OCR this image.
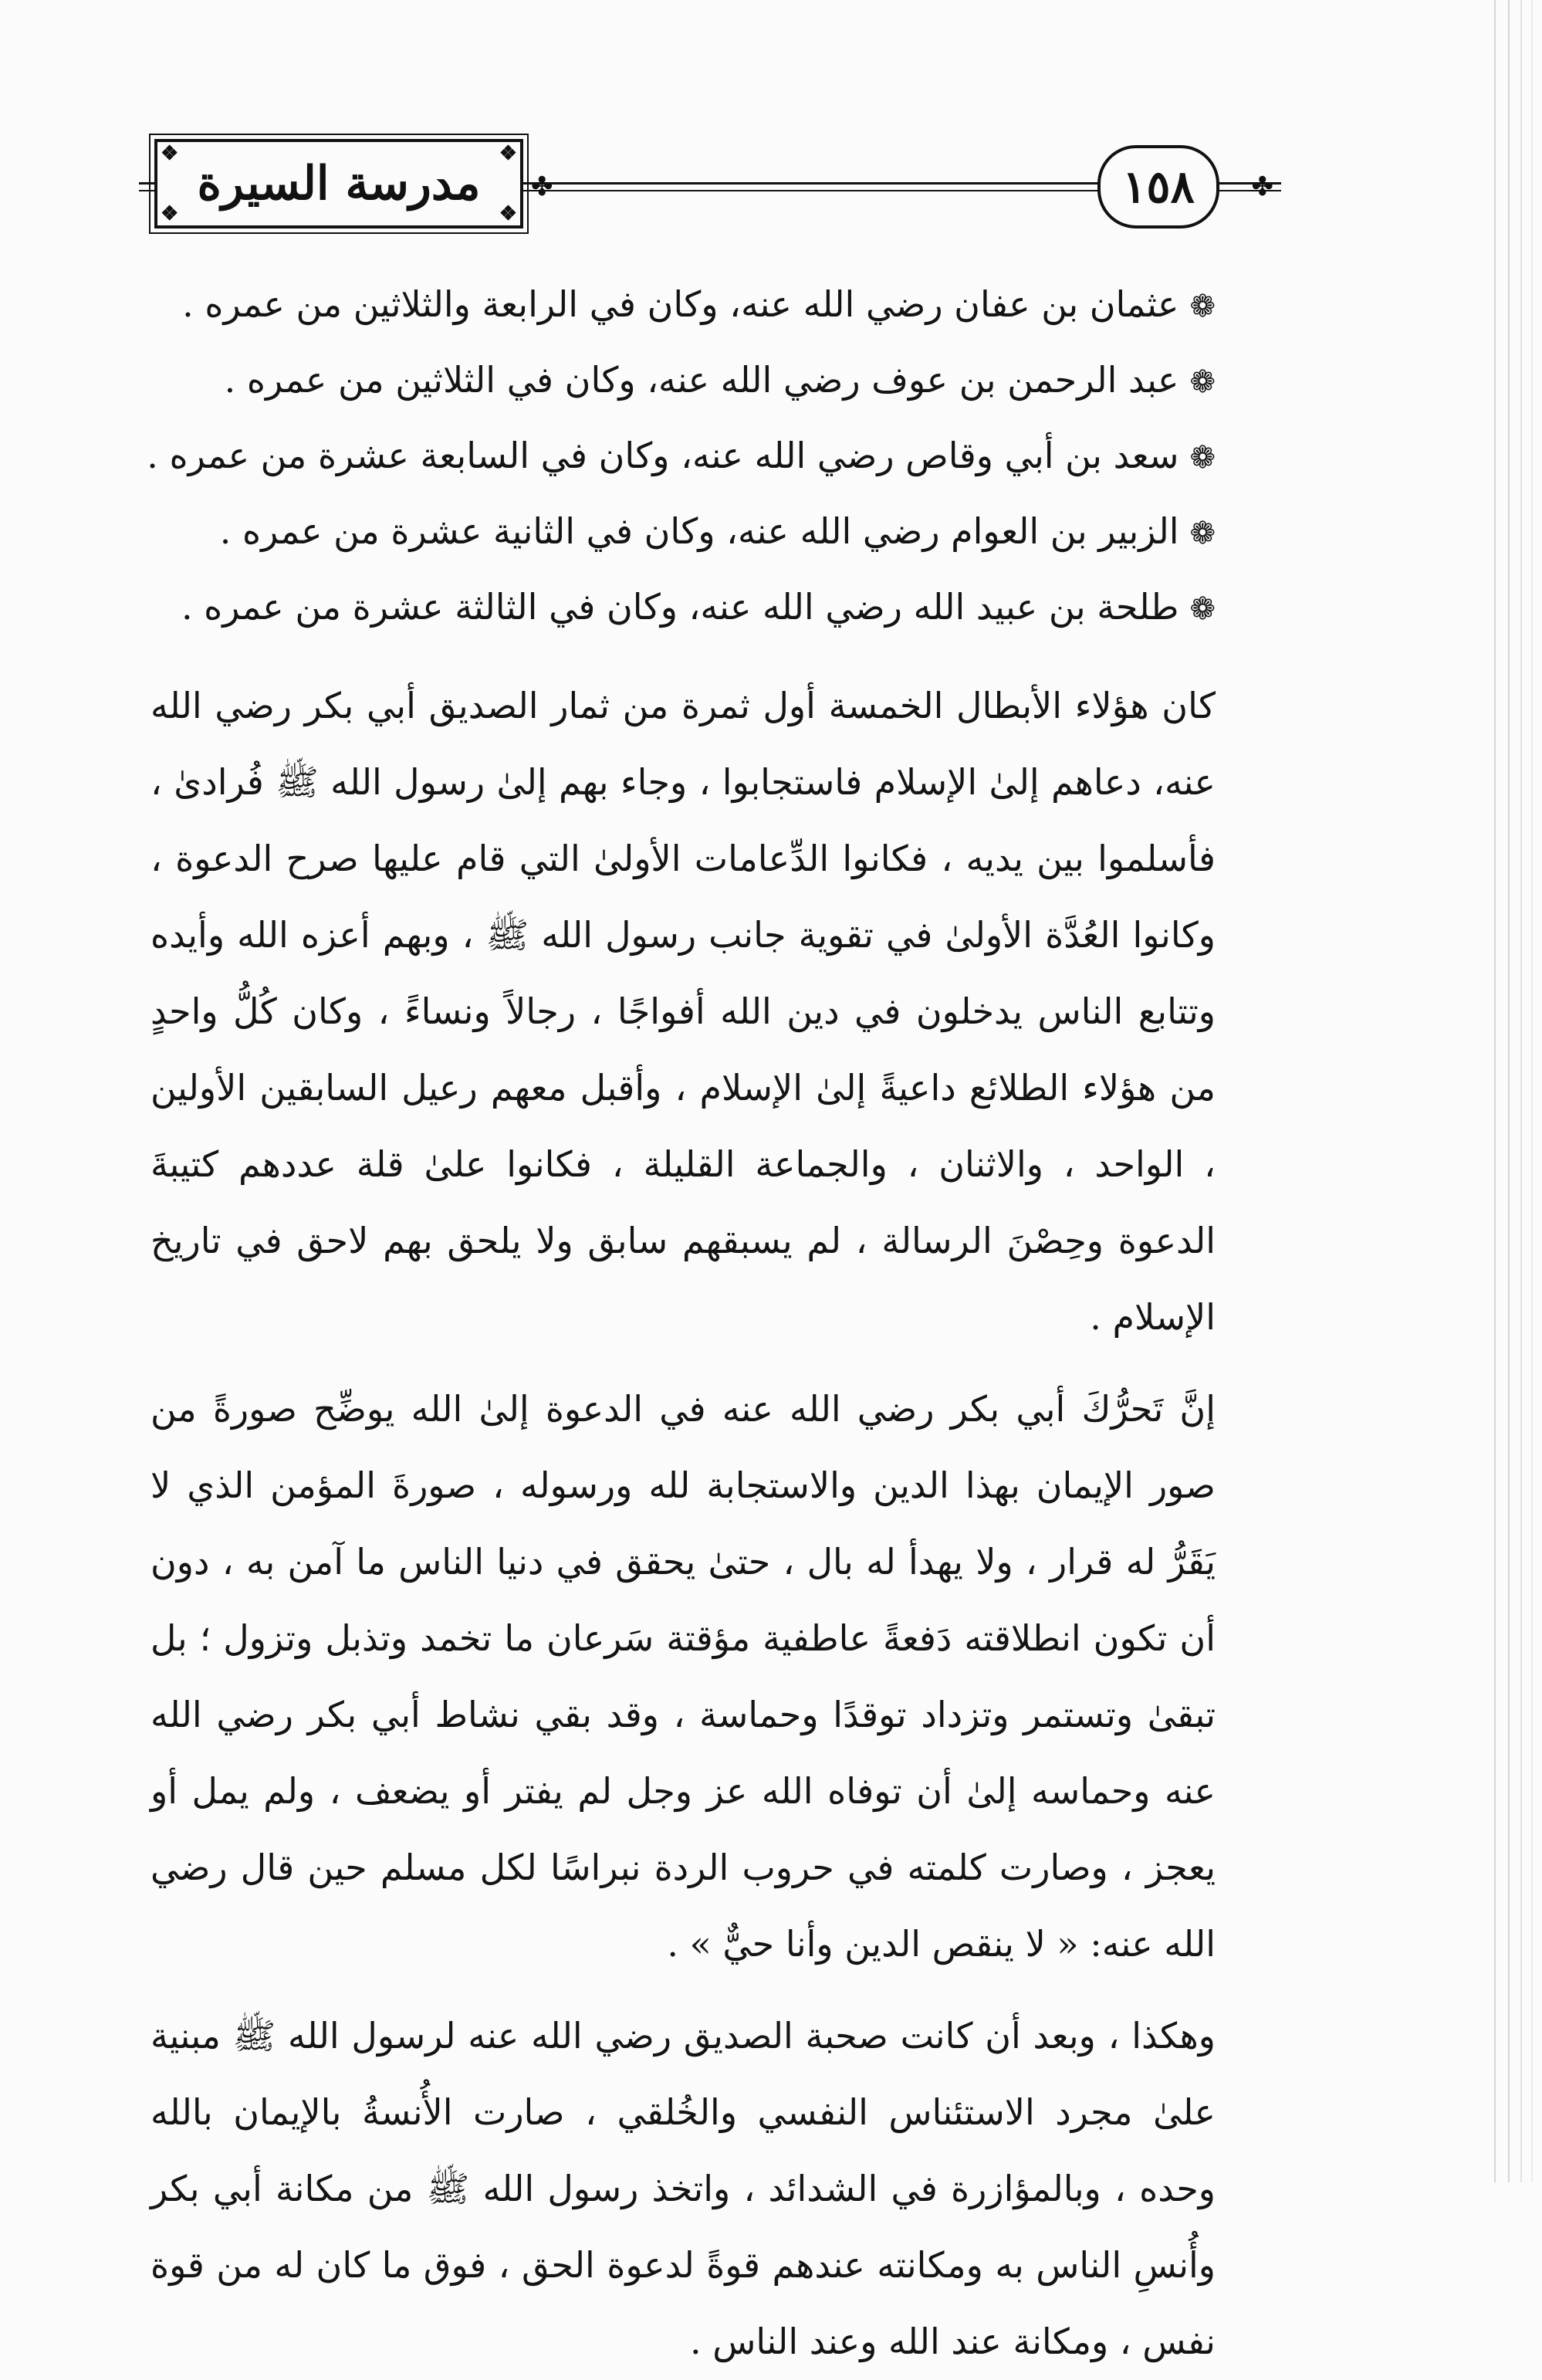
✤
✤
❖	❖
❖	❖
مدرسة السيرة	١٥٨
❁عثمان بن عفان رضي الله عنه، وكان في الرابعة والثلاثين من عمره .
❁عبد الرحمن بن عوف رضي الله عنه، وكان في الثلاثين من عمره .
❁سعد بن أبي وقاص رضي الله عنه، وكان في السابعة عشرة من عمره .
❁الزبير بن العوام رضي الله عنه، وكان في الثانية عشرة من عمره .
❁طلحة بن عبيد الله رضي الله عنه، وكان في الثالثة عشرة من عمره .

كان هؤلاء الأبطال الخمسة أول ثمرة من ثمار الصديق أبي بكر رضي الله عنه، دعاهم إلىٰ الإسلام فاستجابوا ، وجاء بهم إلىٰ رسول الله ﷺ فُرادىٰ ، فأسلموا بين يديه ، فكانوا الدِّعامات الأولىٰ التي قام عليها صرح الدعوة ، وكانوا العُدَّة الأولىٰ في تقوية جانب رسول الله ﷺ ، وبهم أعزه الله وأيده وتتابع الناس يدخلون في دين الله أفواجًا ، رجالاً ونساءً ، وكان كُلُّ واحدٍ من هؤلاء الطلائع داعيةً إلىٰ الإسلام ، وأقبل معهم رعيل السابقين الأولين ، الواحد ، والاثنان ، والجماعة القليلة ، فكانوا علىٰ قلة عددهم كتيبةَ الدعوة وحِصْنَ الرسالة ، لم يسبقهم سابق ولا يلحق بهم لاحق في تاريخ الإسلام .

إنَّ تَحرُّكَ أبي بكر رضي الله عنه في الدعوة إلىٰ الله يوضِّح صورةً من صور الإيمان بهذا الدين والاستجابة لله ورسوله ، صورةَ المؤمن الذي لا يَقَرُّ له قرار ، ولا يهدأ له بال ، حتىٰ يحقق في دنيا الناس ما آمن به ، دون أن تكون انطلاقته دَفعةً عاطفية مؤقتة سَرعان ما تخمد وتذبل وتزول ؛ بل تبقىٰ وتستمر وتزداد توقدًا وحماسة ، وقد بقي نشاط أبي بكر رضي الله عنه وحماسه إلىٰ أن توفاه الله عز وجل لم يفتر أو يضعف ، ولم يمل أو يعجز ، وصارت كلمته في حروب الردة نبراسًا لكل مسلم حين قال رضي الله عنه: « لا ينقص الدين وأنا حيٌّ » .

وهكذا ، وبعد أن كانت صحبة الصديق رضي الله عنه لرسول الله ﷺ مبنية علىٰ مجرد الاستئناس النفسي والخُلقي ، صارت الأُنسةُ بالإيمان بالله وحده ، وبالمؤازرة في الشدائد ، واتخذ رسول الله ﷺ من مكانة أبي بكر وأُنسِ الناس به ومكانته عندهم قوةً لدعوة الحق ، فوق ما كان له من قوة نفس ، ومكانة عند الله وعند الناس .
